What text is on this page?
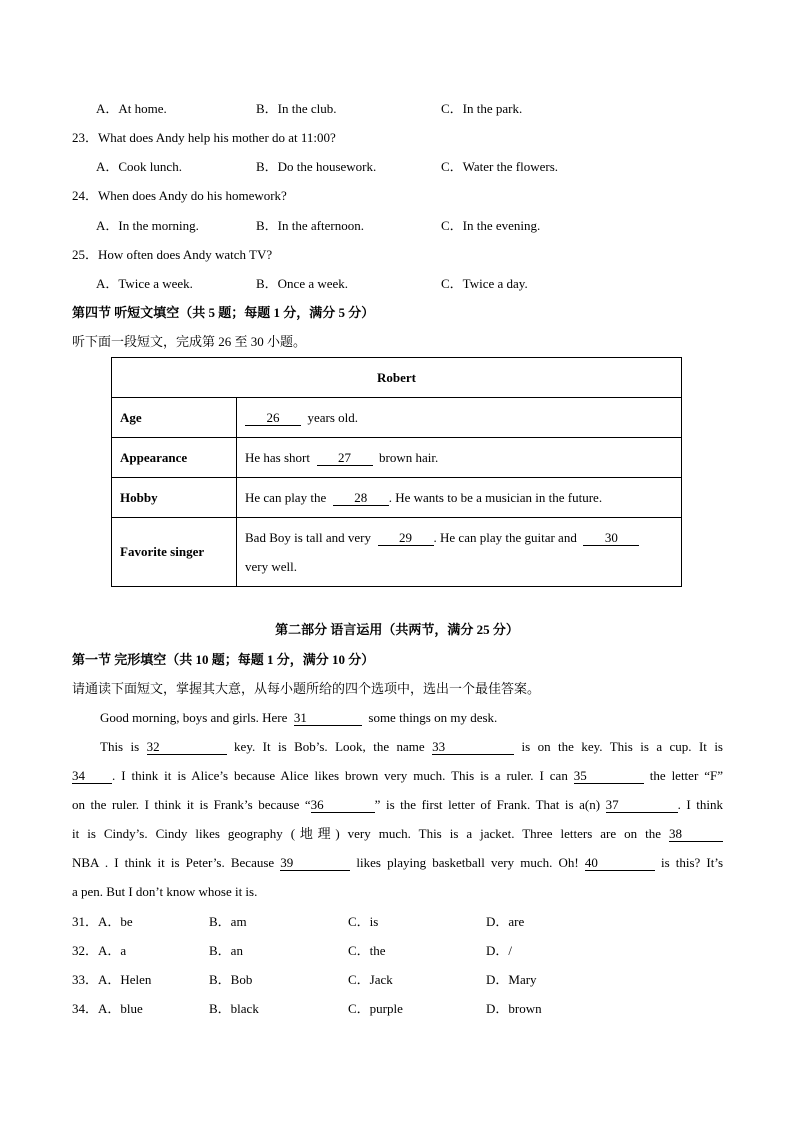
A．At home.	B．In the club.	C．In the park.
23．What does Andy help his mother do at 11:00?
A．Cook lunch.	B．Do the housework.	C．Water the flowers.
24．When does Andy do his homework?
A．In the morning.	B．In the afternoon.	C．In the evening.
25．How often does Andy watch TV?
A．Twice a week.	B．Once a week.	C．Twice a day.
第四节 听短文填空（共 5 题；每题 1 分，满分 5 分）
听下面一段短文，完成第 26 至 30 小题。
Robert	
Age	26 years old.
Appearance	He has short 27 brown hair.
Hobby	He can play the 28 . He wants to be a musician in the future.
Favorite singer	Bad Boy is tall and very 29 . He can play the guitar and 30
very well.
第二部分 语言运用（共两节，满分 25 分）
第一节 完形填空（共 10 题；每题 1 分，满分 10 分）
请通读下面短文，掌握其大意，从每小题所给的四个选项中，选出一个最佳答案。
Good morning, boys and girls. Here 31	some things on my desk.
This is 32	key. It is Bob’s. Look, the name 33	is on the key. This is a cup. It is
34 . I think it is Alice’s because Alice likes brown very much. This is a ruler. I can 35	the letter “F”
on the ruler. I think it is Frank’s because “36	” is the first letter of Frank. That is a(n) 37	. I think
it is Cindy’s. Cindy likes geography (地理) very much. This is a jacket. Three letters are on the 38
NBA . I think it is Peter’s. Because 39	likes playing basketball very much. Oh! 40	is this? It’s
a pen. But I don’t know whose it is.
31．A．be	B．am	C．is	D．are
32．A．a	B．an	C．the	D．/
33．A．Helen	B．Bob	C．Jack	D．Mary
34．A．blue	B．black	C．purple	D．brown
